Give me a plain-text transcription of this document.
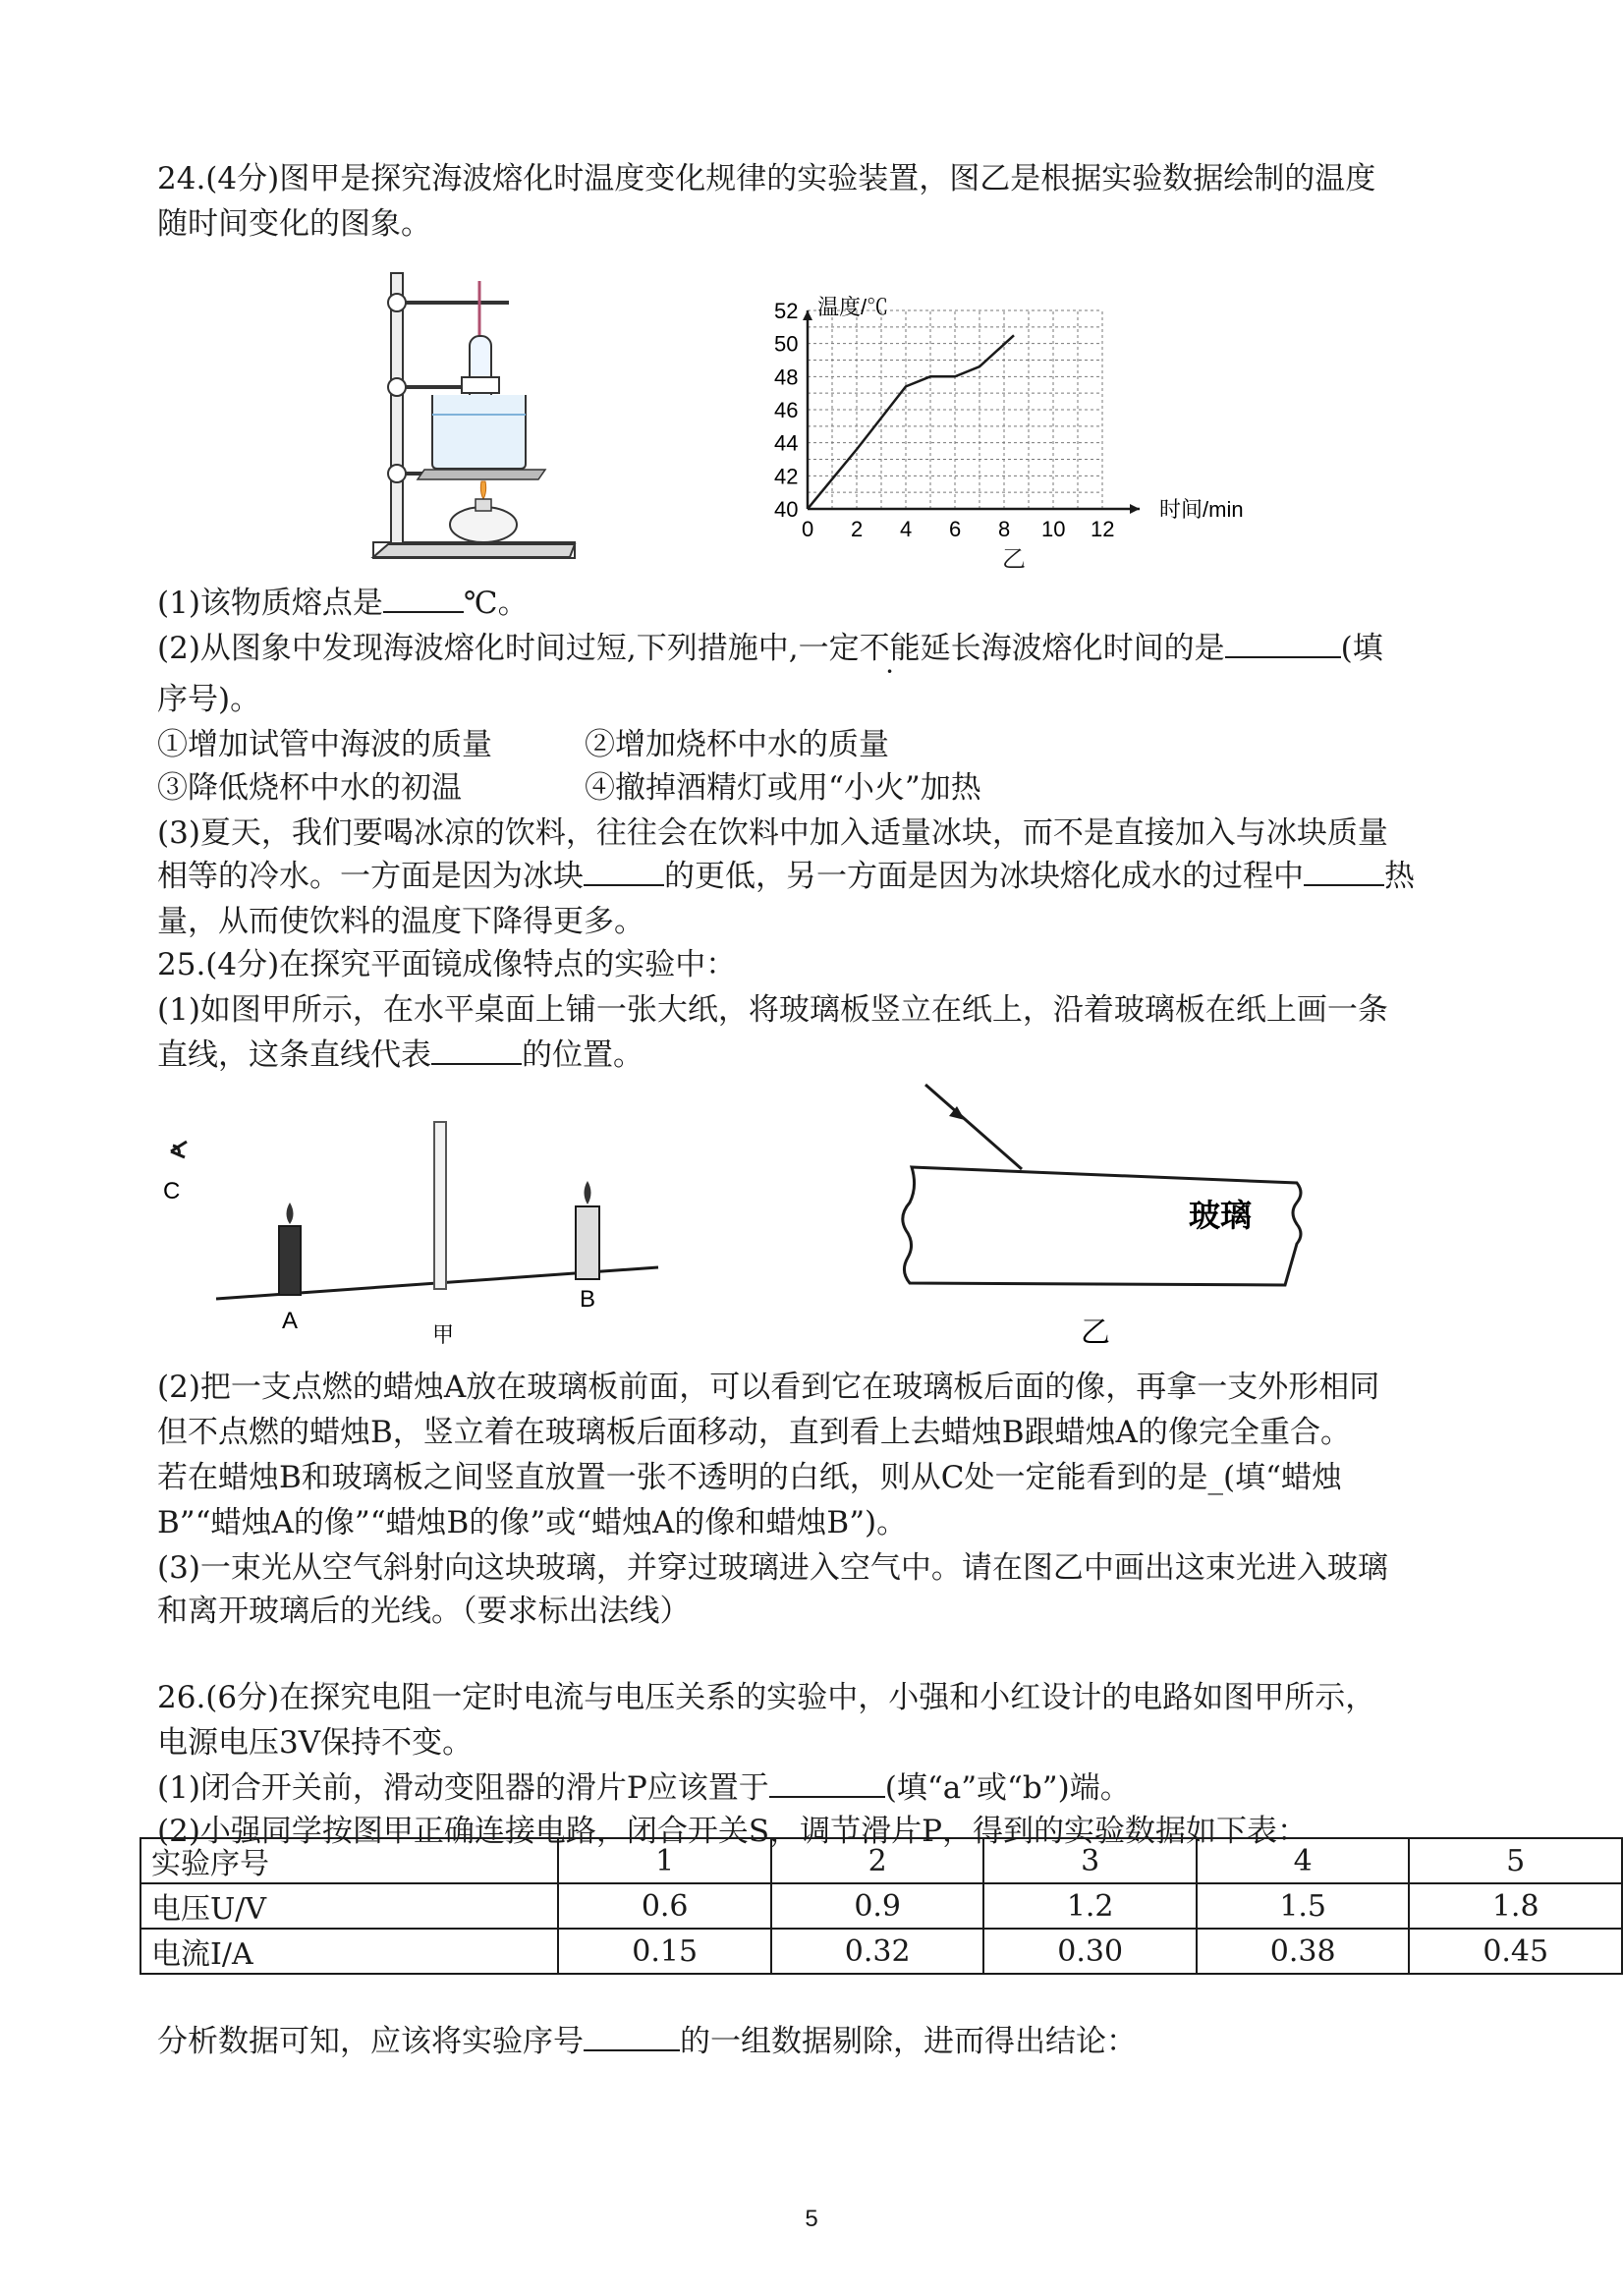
24.(4分)图甲是探究海波熔化时温度变化规律的实验装置，图乙是根据实验数据绘制的温度
随时间变化的图象。
0 2 4 6 8 10 12
40
42
44
46
48
50
52 温度/℃
时间/min
乙
(1)该物质熔点是	℃。
(2)从图象中发现海波熔化时间过短,下列措施中,一定不能延长海波熔化时间的是	(填
序号)。
①增加试管中海波的质量	②增加烧杯中水的质量
③降低烧杯中水的初温	④撤掉酒精灯或用“小火”加热
(3)夏天，我们要喝冰凉的饮料，往往会在饮料中加入适量冰块，而不是直接加入与冰块质量
相等的冷水。一方面是因为冰块	的更低，另一方面是因为冰块熔化成水的过程中	热
量，从而使饮料的温度下降得更多。
25.(4分)在探究平面镜成像特点的实验中：
(1)如图甲所示，在水平桌面上铺一张大纸，将玻璃板竖立在纸上，沿着玻璃板在纸上画一条
直线，这条直线代表	的位置。
C
A
B
甲
玻璃
乙
(2)把一支点燃的蜡烛A放在玻璃板前面，可以看到它在玻璃板后面的像，再拿一支外形相同
但不点燃的蜡烛B，竖立着在玻璃板后面移动，直到看上去蜡烛B跟蜡烛A的像完全重合。
若在蜡烛B和玻璃板之间竖直放置一张不透明的白纸，则从C处一定能看到的是_(填“蜡烛
B”“蜡烛A的像”“蜡烛B的像”或“蜡烛A的像和蜡烛B”)。
(3)一束光从空气斜射向这块玻璃，并穿过玻璃进入空气中。请在图乙中画出这束光进入玻璃
和离开玻璃后的光线。（要求标出法线）
26.(6分)在探究电阻一定时电流与电压关系的实验中，小强和小红设计的电路如图甲所示，
电源电压3V保持不变。
(1)闭合开关前，滑动变阻器的滑片P应该置于	(填“a”或“b”)端。
(2)小强同学按图甲正确连接电路，闭合开关S，调节滑片P，得到的实验数据如下表：
实验序号	1	2	3	4	5
电压U/V	0.6	0.9	1.2	1.5	1.8
电流I/A	0.15	0.32	0.30	0.38	0.45
分析数据可知，应该将实验序号	的一组数据剔除，进而得出结论：
5
